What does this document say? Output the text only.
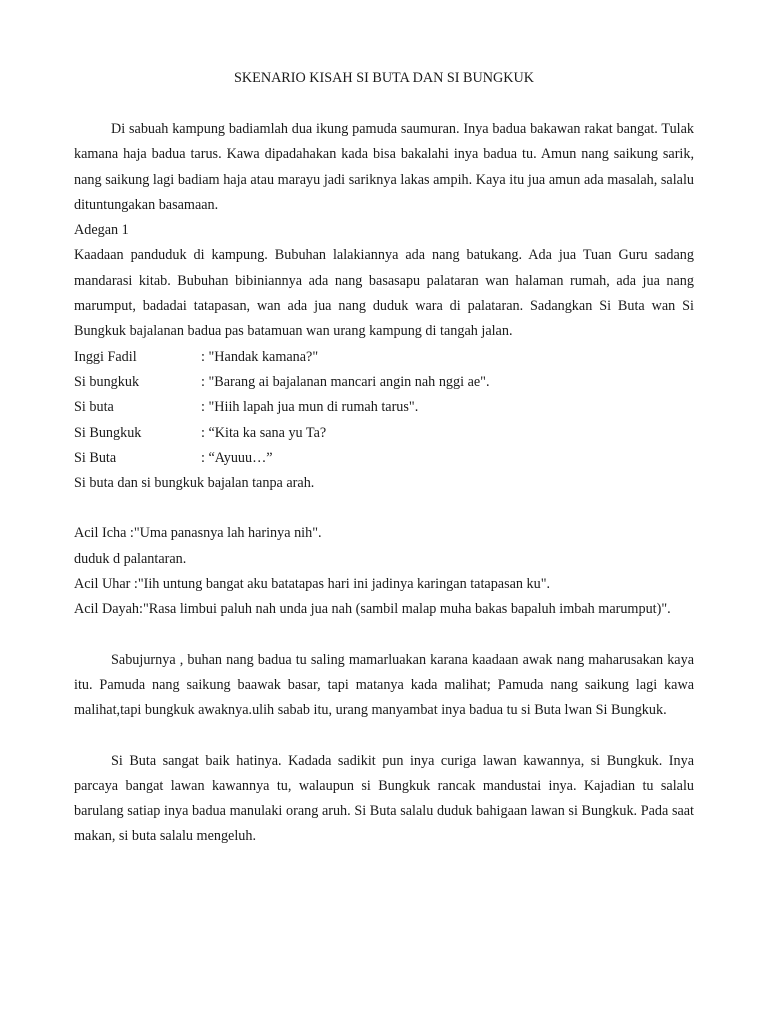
SKENARIO KISAH SI BUTA DAN SI BUNGKUK

Di sabuah kampung badiamlah dua ikung pamuda saumuran. Inya badua bakawan rakat bangat. Tulak kamana haja badua tarus. Kawa dipadahakan kada bisa bakalahi inya badua tu. Amun nang saikung sarik, nang saikung lagi badiam haja atau marayu jadi sariknya lakas ampih. Kaya itu jua amun ada masalah, salalu dituntungakan basamaan.

Adegan 1

Kaadaan panduduk di kampung. Bubuhan lalakiannya ada nang batukang. Ada jua Tuan Guru sadang mandarasi kitab. Bubuhan bibiniannya ada nang basasapu palataran wan halaman rumah, ada jua nang marumput, badadai tatapasan, wan ada jua nang duduk wara di palataran. Sadangkan Si Buta wan Si Bungkuk bajalanan badua pas batamuan wan urang kampung di tangah jalan.

Inggi Fadil	: "Handak kamana?"
Si bungkuk	: "Barang ai bajalanan mancari angin nah nggi ae".
Si buta	: "Hiih lapah jua mun di rumah tarus".
Si Bungkuk	: “Kita ka sana yu Ta?
Si Buta	: “Ayuuu…”

Si buta dan si bungkuk bajalan tanpa arah.

Acil Icha :"Uma panasnya lah harinya nih".

duduk d palantaran.

Acil Uhar :"Iih untung bangat aku batatapas hari ini jadinya karingan tatapasan ku".

Acil Dayah:"Rasa limbui paluh nah unda jua nah (sambil malap muha bakas bapaluh imbah marumput)".

Sabujurnya , buhan nang badua tu saling mamarluakan karana kaadaan awak nang maharusakan kaya itu. Pamuda nang saikung baawak basar, tapi matanya kada malihat; Pamuda nang saikung lagi kawa malihat,tapi bungkuk awaknya.ulih sabab itu, urang manyambat inya badua tu si Buta lwan Si Bungkuk.

Si Buta sangat baik hatinya. Kadada sadikit pun inya curiga lawan kawannya, si Bungkuk. Inya parcaya bangat lawan kawannya tu, walaupun si Bungkuk rancak mandustai inya. Kajadian tu salalu barulang satiap inya badua manulaki orang aruh. Si Buta salalu duduk bahigaan lawan si Bungkuk. Pada saat makan, si buta salalu mengeluh.
